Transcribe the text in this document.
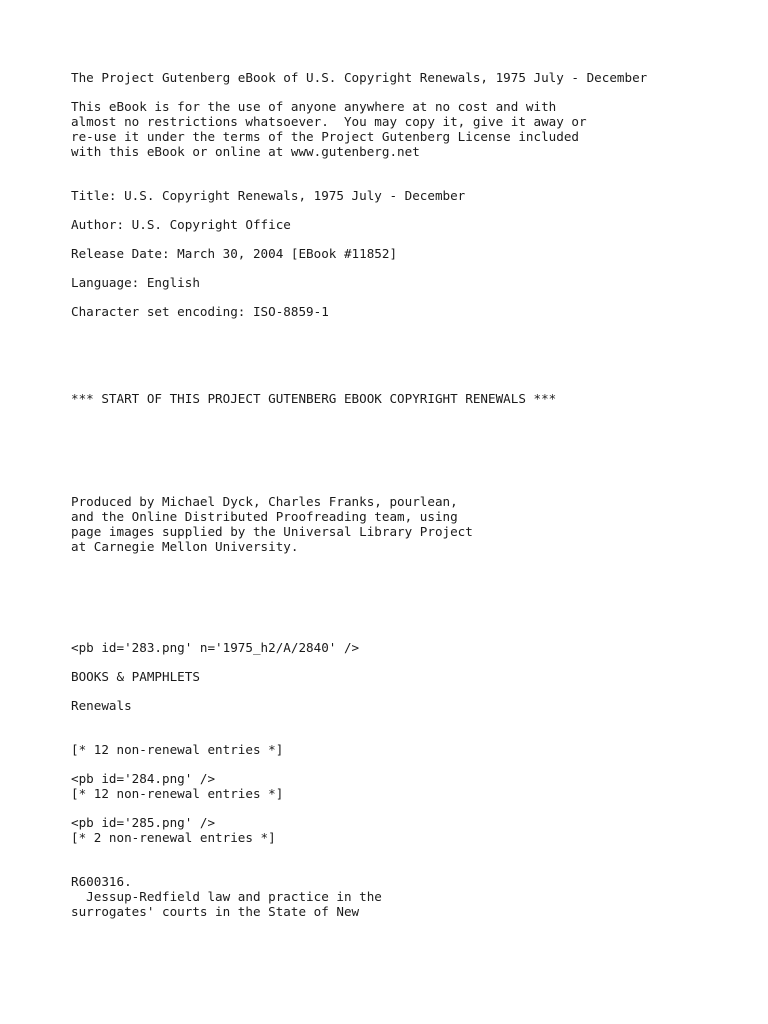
The Project Gutenberg eBook of U.S. Copyright Renewals, 1975 July - December

This eBook is for the use of anyone anywhere at no cost and with

almost no restrictions whatsoever.  You may copy it, give it away or

re-use it under the terms of the Project Gutenberg License included

with this eBook or online at www.gutenberg.net

Title: U.S. Copyright Renewals, 1975 July - December

Author: U.S. Copyright Office

Release Date: March 30, 2004 [EBook #11852]

Language: English

Character set encoding: ISO-8859-1

*** START OF THIS PROJECT GUTENBERG EBOOK COPYRIGHT RENEWALS ***

Produced by Michael Dyck, Charles Franks, pourlean,

and the Online Distributed Proofreading team, using

page images supplied by the Universal Library Project

at Carnegie Mellon University.

<pb id='283.png' n='1975_h2/A/2840' />

BOOKS & PAMPHLETS

Renewals

[* 12 non-renewal entries *]

<pb id='284.png' />

[* 12 non-renewal entries *]

<pb id='285.png' />

[* 2 non-renewal entries *]

R600316.

Jessup-Redfield law and practice in the

surrogates' courts in the State of New
